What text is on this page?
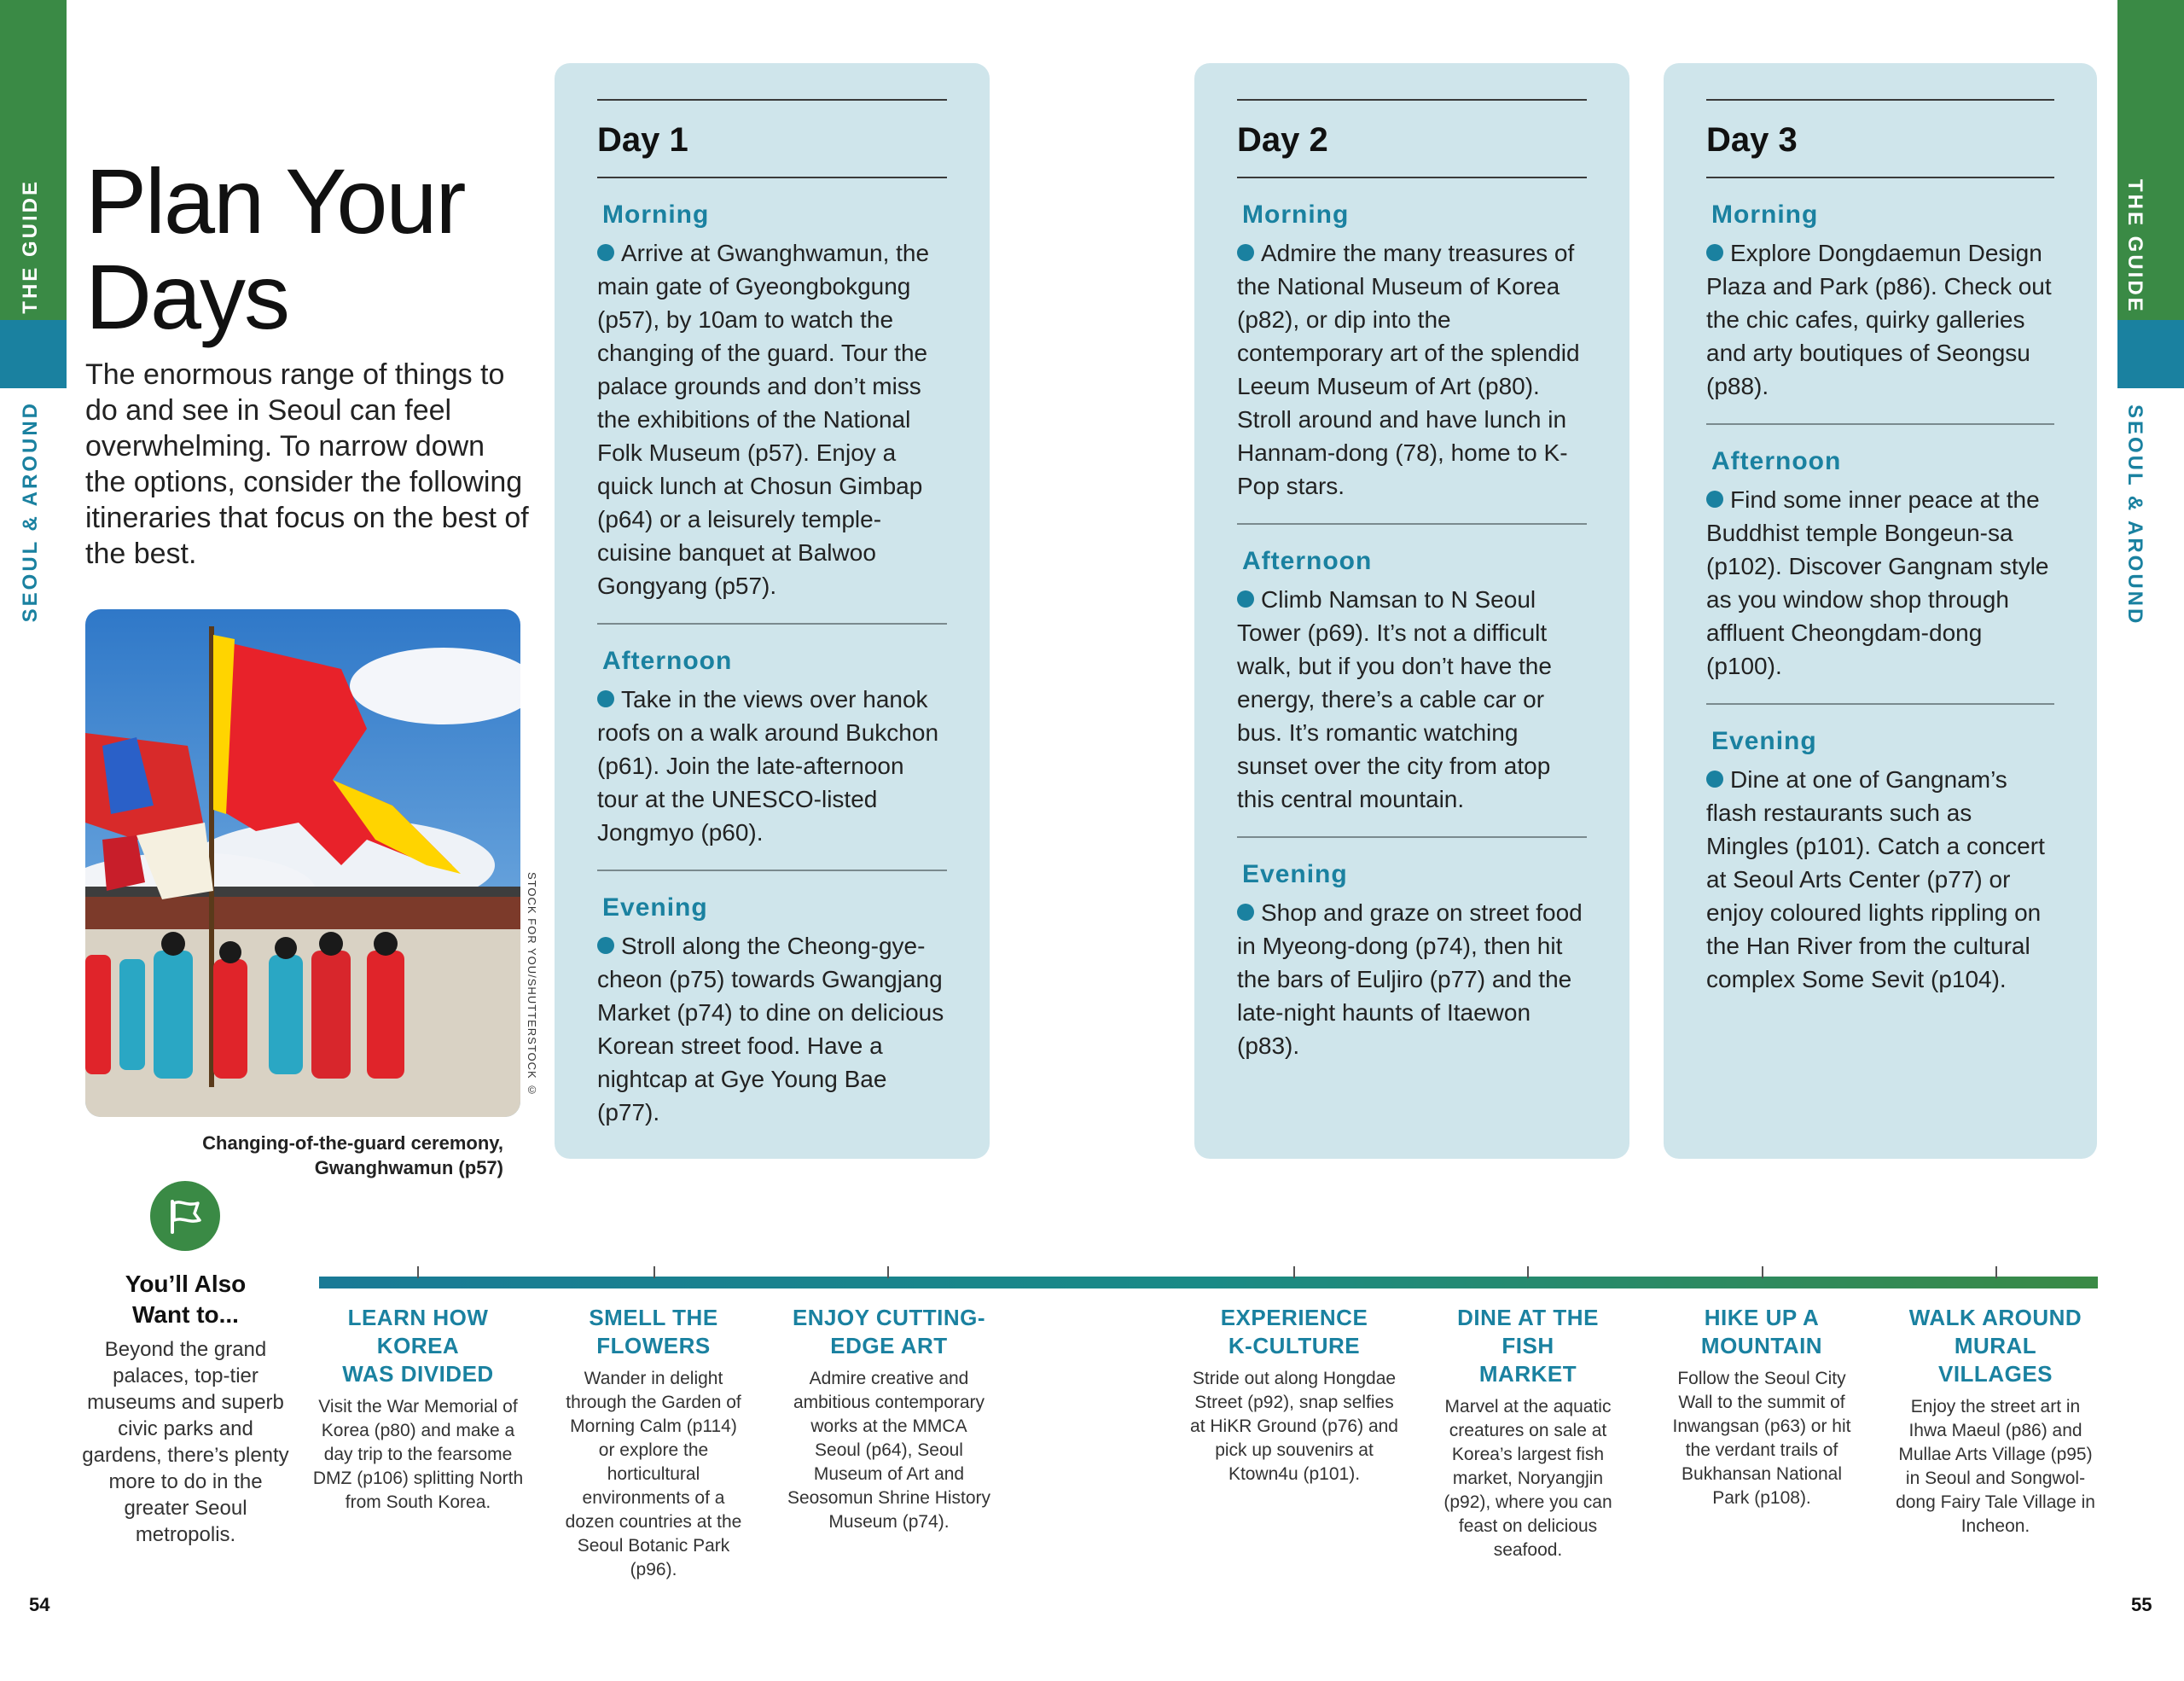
THE GUIDE
SEOUL & AROUND
THE GUIDE
SEOUL & AROUND
Plan Your
Days

The enormous range of things to do and see in Seoul can feel overwhelming. To narrow down the options, consider the following itineraries that focus on the best of the best.

STOCK FOR YOU/SHUTTERSTOCK ©
Changing-of-the-guard ceremony,
Gwanghwamun (p57)
Day 1

Morning

Arrive at Gwanghwamun, the main gate of Gyeongbokgung (p57), by 10am to watch the changing of the guard. Tour the palace grounds and don’t miss the exhibitions of the National Folk Museum (p57). Enjoy a quick lunch at Chosun Gimbap (p64) or a leisurely temple-cuisine banquet at Balwoo Gongyang (p57).

Afternoon

Take in the views over hanok roofs on a walk around Bukchon (p61). Join the late-afternoon tour at the UNESCO-listed Jongmyo (p60).

Evening

Stroll along the Cheong-gye-cheon (p75) towards Gwangjang Market (p74) to dine on delicious Korean street food. Have a nightcap at Gye Young Bae (p77).

Day 2

Morning

Admire the many treasures of the National Museum of Korea (p82), or dip into the contemporary art of the splendid Leeum Museum of Art (p80). Stroll around and have lunch in Hannam-dong (78), home to K-Pop stars.

Afternoon

Climb Namsan to N Seoul Tower (p69). It’s not a difficult walk, but if you don’t have the energy, there’s a cable car or bus. It’s romantic watching sunset over the city from atop this central mountain.

Evening

Shop and graze on street food in Myeong-dong (p74), then hit the bars of Euljiro (p77) and the late-night haunts of Itaewon (p83).

Day 3

Morning

Explore Dongdaemun Design Plaza and Park (p86). Check out the chic cafes, quirky galleries and arty boutiques of Seongsu (p88).

Afternoon

Find some inner peace at the Buddhist temple Bongeun-sa (p102). Discover Gangnam style as you window shop through affluent Cheongdam-dong (p100).

Evening

Dine at one of Gangnam’s flash restaurants such as Mingles (p101). Catch a concert at Seoul Arts Center (p77) or enjoy coloured lights rippling on the Han River from the cultural complex Some Sevit (p104).

You’ll Also
Want to...
Beyond the grand palaces, top-tier museums and superb civic parks and gardens, there’s plenty more to do in the greater Seoul metropolis.

LEARN HOW KOREA
WAS DIVIDED

Visit the War Memorial of Korea (p80) and make a day trip to the fearsome DMZ (p106) splitting North from South Korea.

SMELL THE
FLOWERS

Wander in delight through the Garden of Morning Calm (p114) or explore the horticultural environments of a dozen countries at the Seoul Botanic Park (p96).

ENJOY CUTTING-
EDGE ART

Admire creative and ambitious contemporary works at the MMCA Seoul (p64), Seoul Museum of Art and Seosomun Shrine History Museum (p74).

EXPERIENCE
K-CULTURE

Stride out along Hongdae Street (p92), snap selfies at HiKR Ground (p76) and pick up souvenirs at Ktown4u (p101).

DINE AT THE FISH
MARKET

Marvel at the aquatic creatures on sale at Korea’s largest fish market, Noryangjin (p92), where you can feast on delicious seafood.

HIKE UP A
MOUNTAIN

Follow the Seoul City Wall to the summit of Inwangsan (p63) or hit the verdant trails of Bukhansan National Park (p108).

WALK AROUND
MURAL VILLAGES

Enjoy the street art in Ihwa Maeul (p86) and Mullae Arts Village (p95) in Seoul and Songwol-dong Fairy Tale Village in Incheon.

54	55
